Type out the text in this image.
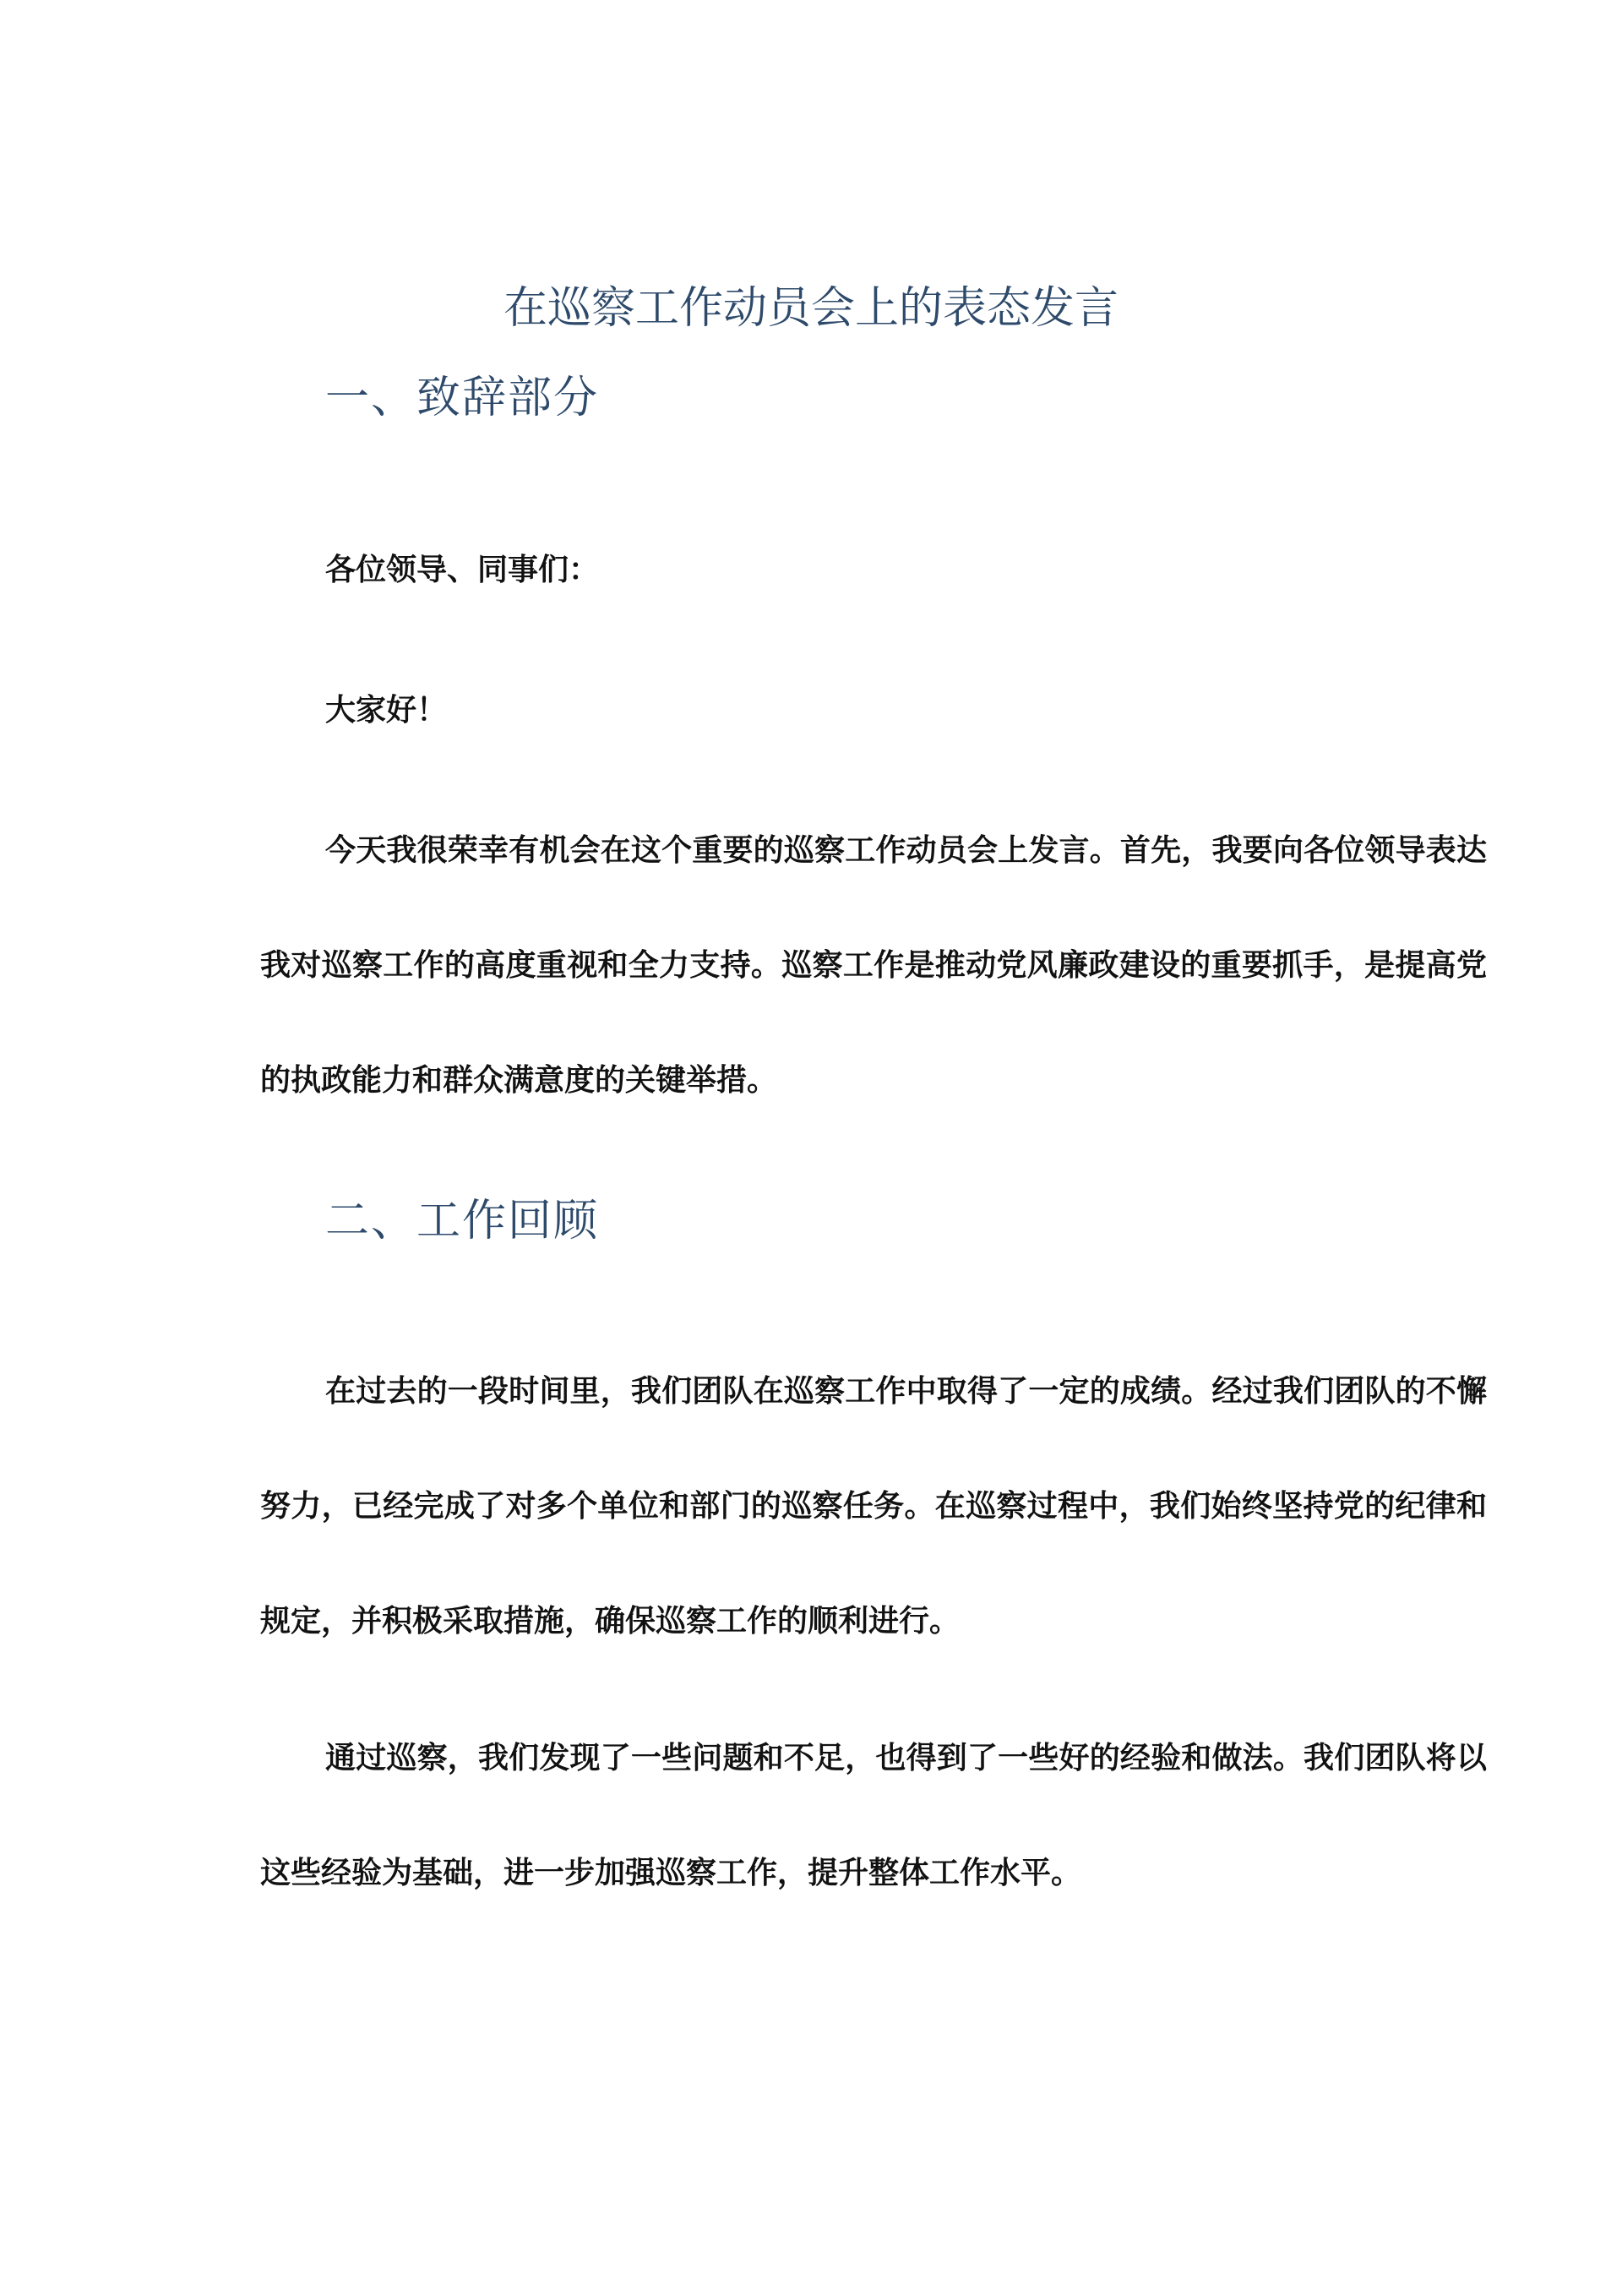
在巡察工作动员会上的表态发言
一、致辞部分

各位领导、同事们：

大家好！

今天我很荣幸有机会在这个重要的巡察工作动员会上发言。首先，我要向各位领导表达我对巡察工作的高度重视和全力支持。巡察工作是推动党风廉政建设的重要抓手，是提高党的执政能力和群众满意度的关键举措。

二、工作回顾

在过去的一段时间里，我们团队在巡察工作中取得了一定的成绩。经过我们团队的不懈努力，已经完成了对多个单位和部门的巡察任务。在巡察过程中，我们始终坚持党的纪律和规定，并积极采取措施，确保巡察工作的顺利进行。

通过巡察，我们发现了一些问题和不足，也得到了一些好的经验和做法。我们团队将以这些经验为基础，进一步加强巡察工作，提升整体工作水平。
